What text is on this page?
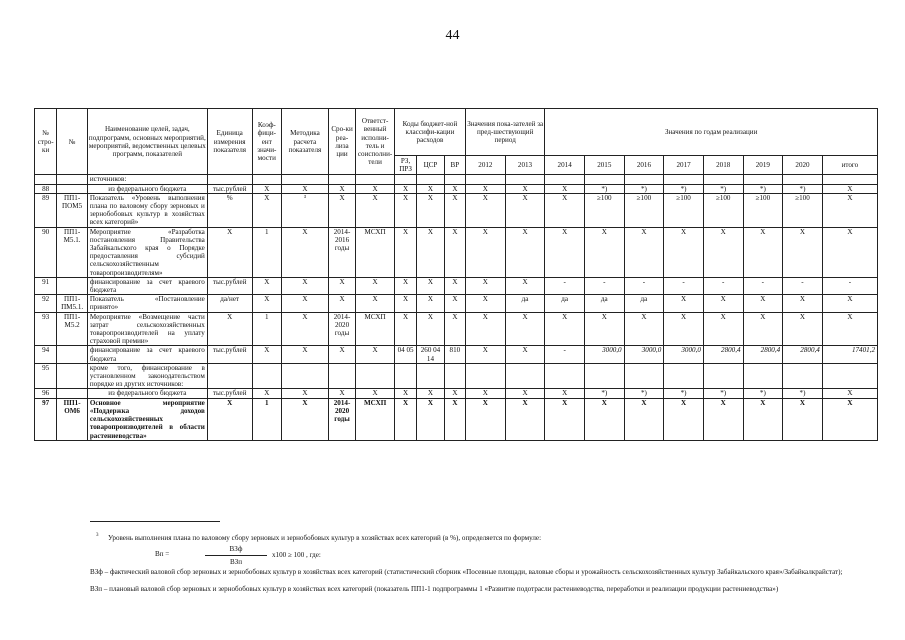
44
№ стро-ки	№	Наименование целей, задач, подпрограмм, основных мероприятий, мероприятий, ведомственных целевых программ, показателей	Единица измерения показателя	Коэф-фици-ент значи-мости	Методика расчета показателя	Сро-ки реа-лиза ции	Ответст-венный исполни-тель и соисполни-тели	Коды бюджет-ной классифи-кации расходов			Значения пока-зателей за пред-шествующий период		Значения по годам реализации							
								РЗ, ПРЗ	ЦСР	ВР	2012	2013	2014	2015	2016	2017	2018	2019	2020	итого
		источников:																		
88		из федерального бюджета	тыс.рублей	X	X	X	X	X	X	X	X	X	X	*)	*)	*)	*)	*)	*)	X
89	ПП1-ПОМ5	Показатель «Уровень выполнения плана по валовому сбору зерновых и зернобобовых культур в хозяйствах всех категорий»	%	X	³	X	X	X	X	X	X	X	X	≥100	≥100	≥100	≥100	≥100	≥100	X
90	ПП1-М5.1.	Мероприятие «Разработка постановления Правительства Забайкальского края о Порядке предоставления субсидий сельскохозяйственным товаропроизводителям»	X	1	X	2014-2016 годы	МСХП	X	X	X	X	X	X	X	X	X	X	X	X	X
91		финансирование за счет краевого бюджета	тыс.рублей	X	X	X	X	X	X	X	X	X	-	-	-	-	-	-	-	-
92	ПП1-ПМ5.1.	Показатель «Постановление принято»	да/нет	X	X	X	X	X	X	X	X	да	да	да	да	X	X	X	X	X
93	ПП1-М5.2	Мероприятие «Возмещение части затрат сельскохозяйственных товаропроизводителей на уплату страховой премии»	X	1	X	2014-2020 годы	МСХП	X	X	X	X	X	X	X	X	X	X	X	X	X
94		финансирование за счет краевого бюджета	тыс.рублей	X	X	X	X	04 05	260 04 14	810	X	X	-	3000,0	3000,0	3000,0	2800,4	2800,4	2800,4	17401,2
95		кроме того, финансирование в установленном законодательством порядке из других источников:																		
96		из федерального бюджета	тыс.рублей	X	X	X	X	X	X	X	X	X	X	*)	*)	*)	*)	*)	*)	X
97	ПП1-ОМ6	Основное мероприятие «Поддержка доходов сельскохозяйственных товаропроизводителей в области растениеводства»	X	1	X	2014-2020 годы	МСХП	X	X	X	X	X	X	X	X	X	X	X	X	X
3 Уровень выполнения плана по валовому сбору зерновых и зернобобовых культур в хозяйствах всех категорий (в %), определяется по формуле:
Вп =
ВЗф
ВЗп
х100 ≥ 100 , где:
ВЗф – фактический валовой сбор зерновых и зернобобовых культур в хозяйствах всех категорий (статистический сборник «Посевные площади, валовые сборы и урожайность сельскохозяйственных культур Забайкальского края»/Забайкалкрайстат);
ВЗп – плановый валовой сбор зерновых и зернобобовых культур в хозяйствах всех категорий (показатель ПП1-1 подпрограммы 1 «Развитие подотрасли растениеводства, переработки и реализации продукции растениеводства»)
